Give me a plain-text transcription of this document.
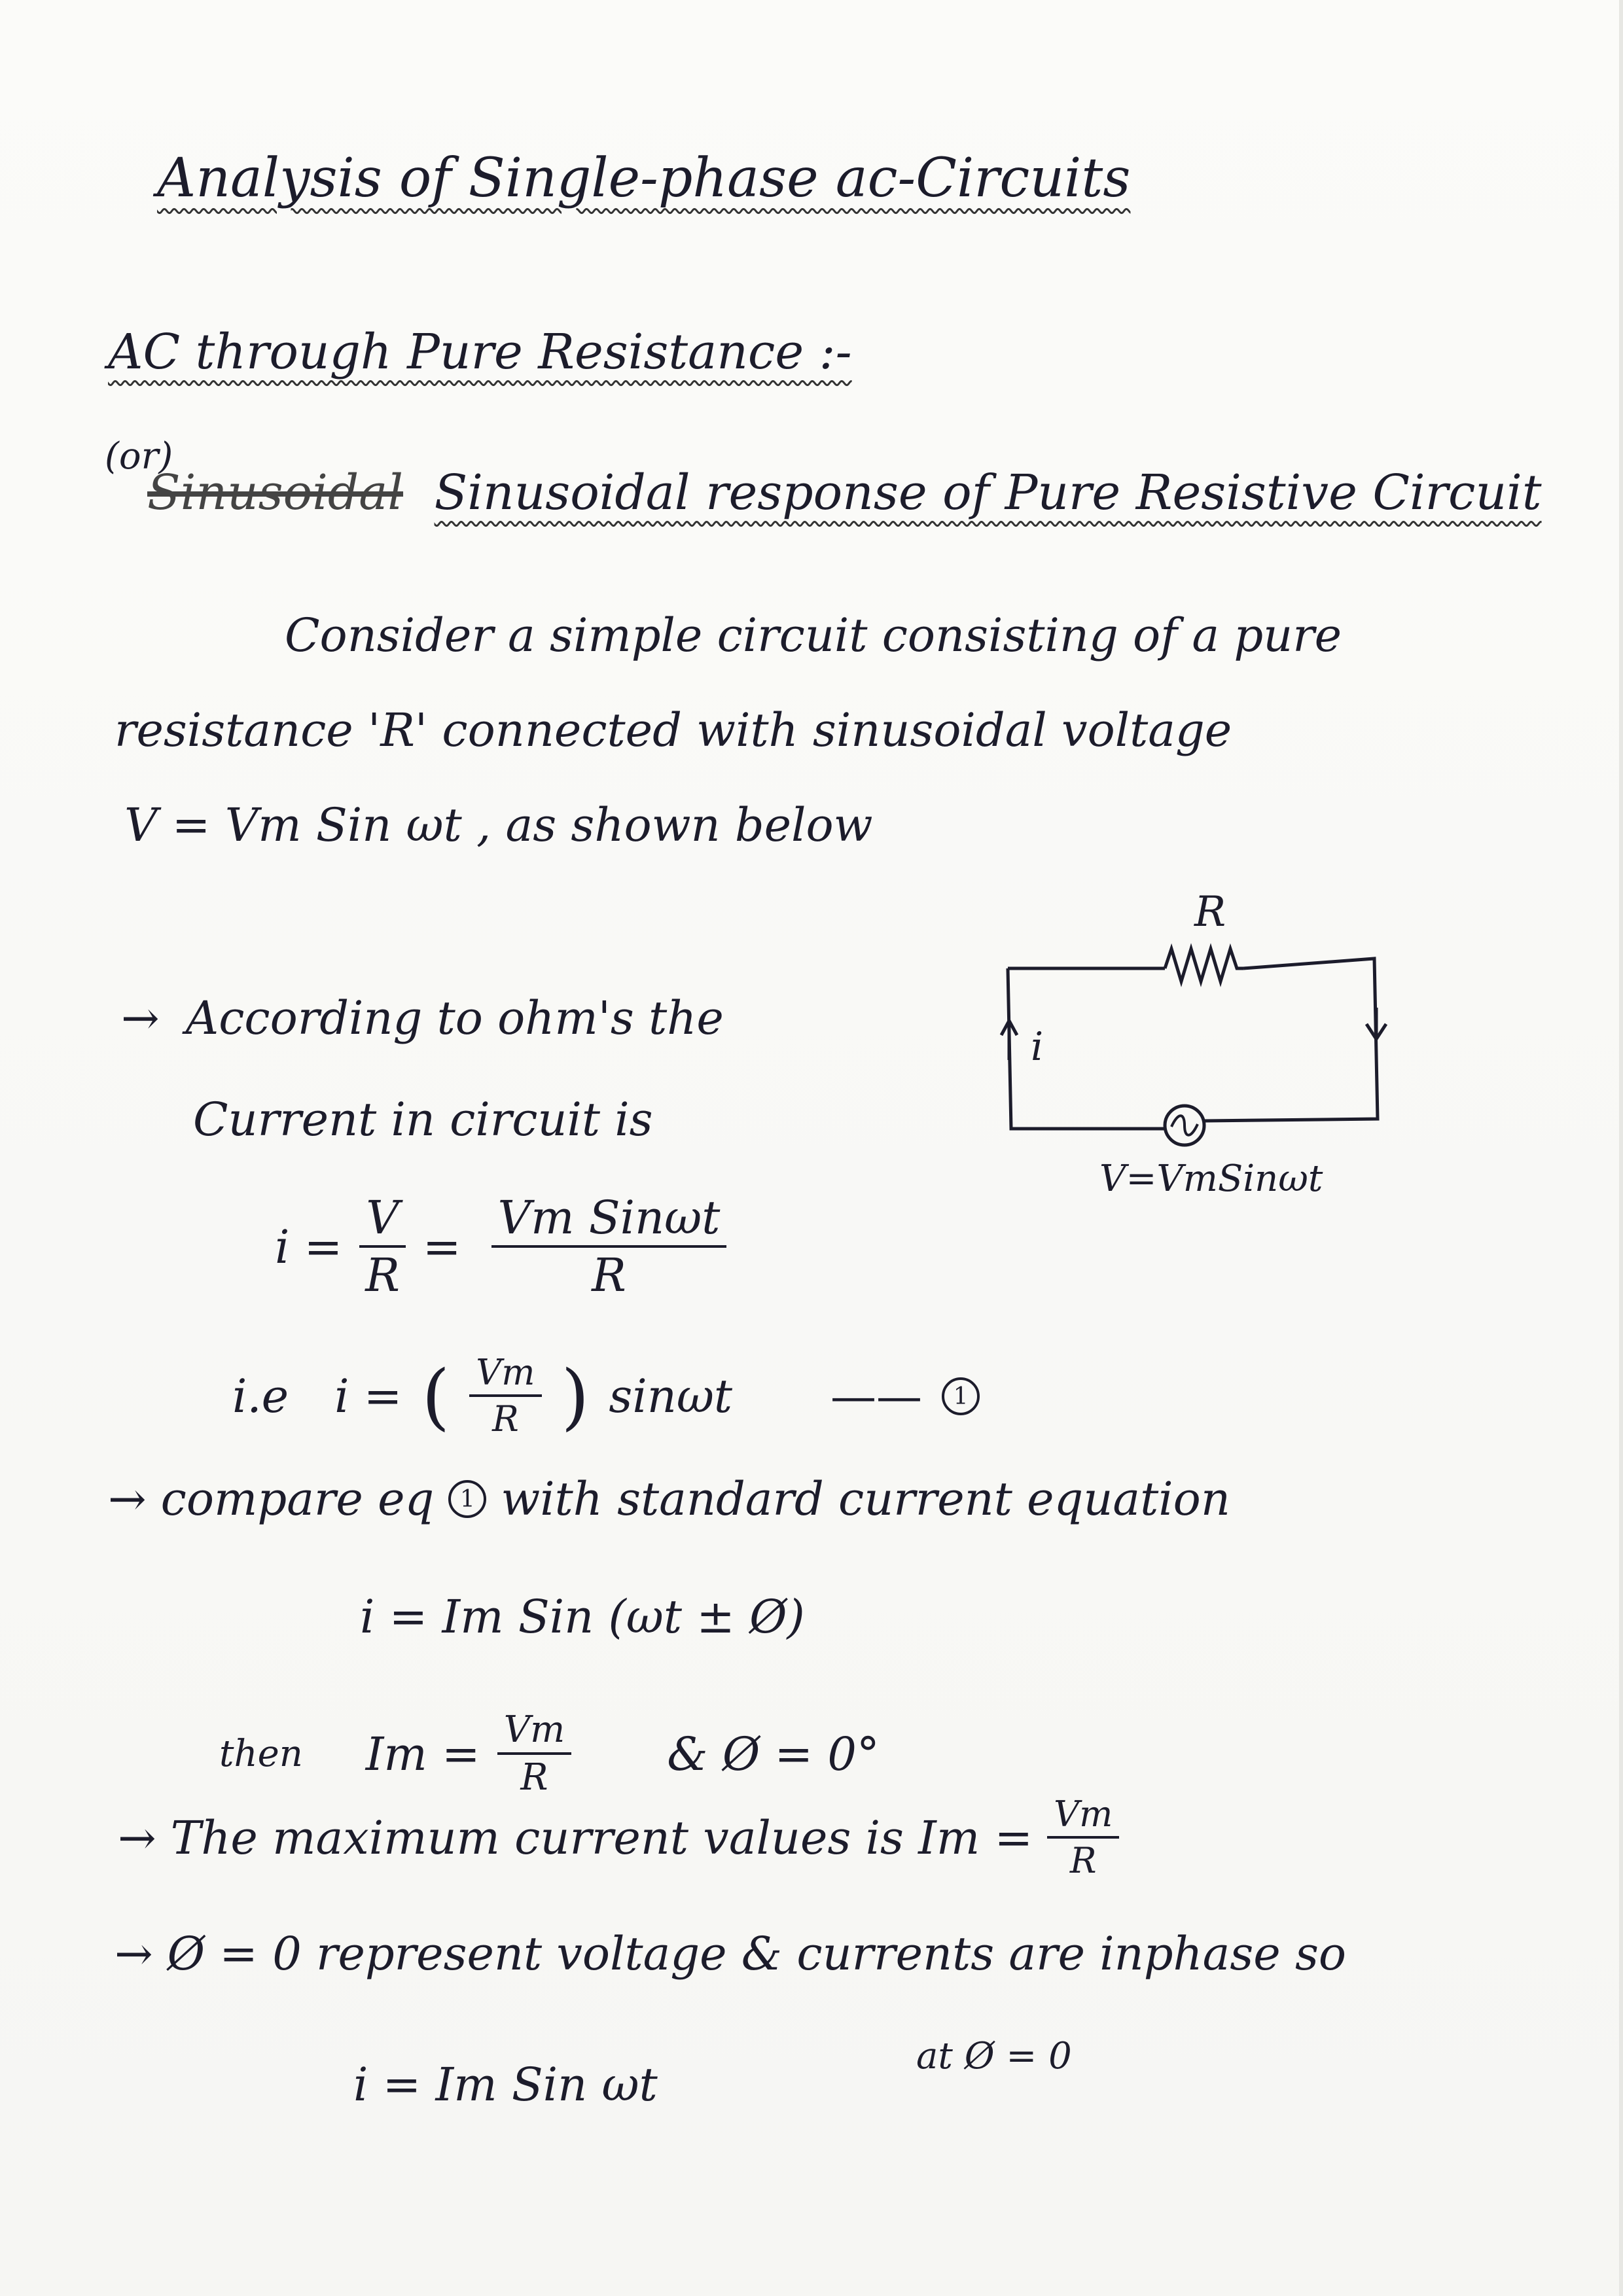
Analysis of Single-phase ac-Circuits
AC through Pure Resistance :-
(or)
Sinusoidal Sinusoidal response of Pure Resistive Circuit
Consider a simple circuit consisting of a pure
resistance 'R' connected with sinusoidal voltage
V = Vm Sin ωt , as shown below
R
i
V=VmSinωt
→ According to ohm's the
Current in circuit is
$i = \frac{V}{R} = \frac{\text{Vm Sinωt}}{R}$
i.e i = ( $\frac{Vm}{R}$ ) sinωt ——	1
→ compare eq	1 with standard current equation
i = Im Sin (ωt ± Ø)
then $Im = \frac{Vm}{R}$ & Ø = 0°
→ The maximum current values is $Im = \frac{Vm}{R}$
→ Ø = 0 represent voltage & currents are inphase so
i = Im Sin ωt
at Ø = 0
